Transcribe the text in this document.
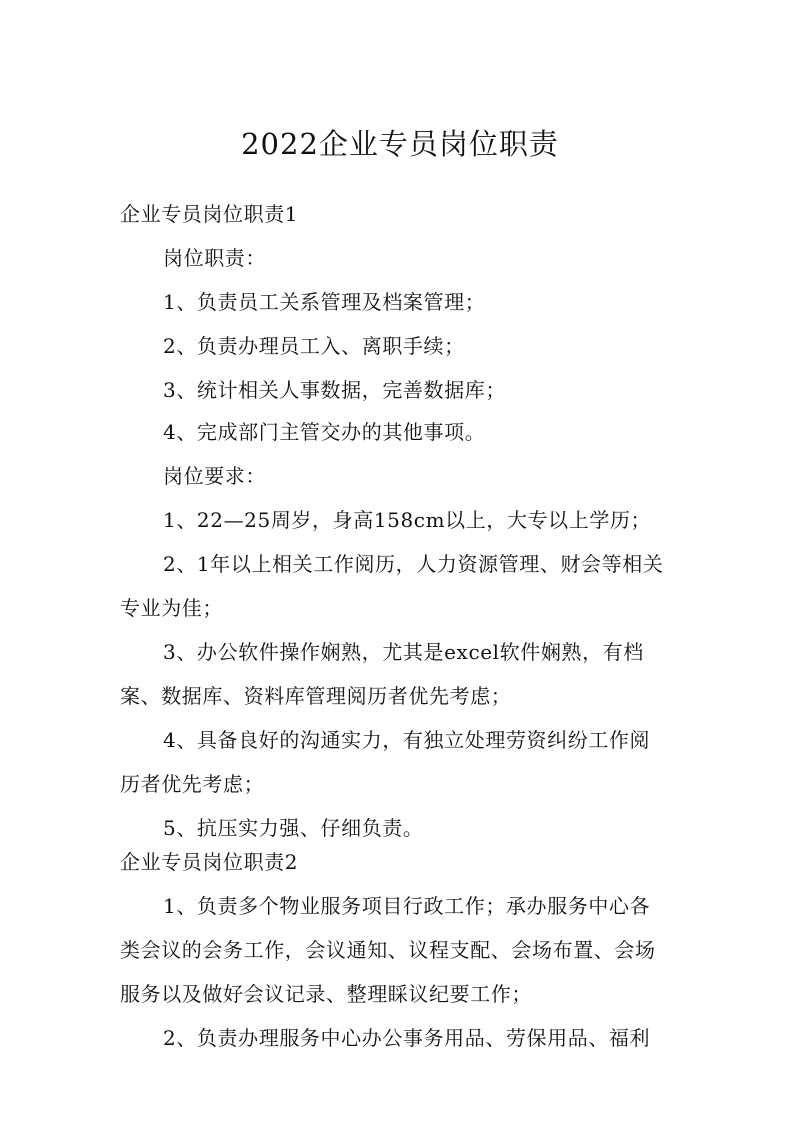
2022企业专员岗位职责
企业专员岗位职责1
岗位职责：
1、负责员工关系管理及档案管理；
2、负责办理员工入、离职手续；
3、统计相关人事数据，完善数据库；
4、完成部门主管交办的其他事项。
岗位要求：
1、22—25周岁，身高158cm以上，大专以上学历；
2、1年以上相关工作阅历，人力资源管理、财会等相关
专业为佳；
3、办公软件操作娴熟，尤其是excel软件娴熟，有档
案、数据库、资料库管理阅历者优先考虑；
4、具备良好的沟通实力，有独立处理劳资纠纷工作阅
历者优先考虑；
5、抗压实力强、仔细负责。
企业专员岗位职责2
1、负责多个物业服务项目行政工作；承办服务中心各
类会议的会务工作，会议通知、议程支配、会场布置、会场
服务以及做好会议记录、整理睬议纪要工作；
2、负责办理服务中心办公事务用品、劳保用品、福利
